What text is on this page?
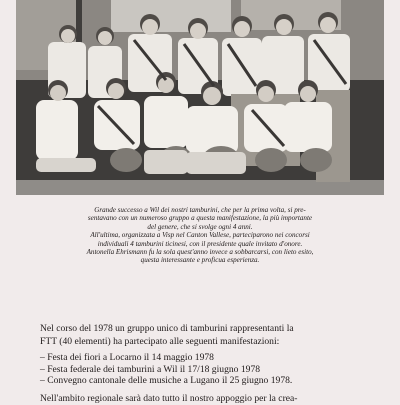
Grande successo a Wil dei nostri tamburini, che per la prima volta, si pre-
sentavano con un numeroso gruppo a questa manifestazione, la più importante
del genere, che si svolge ogni 4 anni.
All'ultima, organizzata a Visp nel Canton Vallese, parteciparono nei concorsi
individuali 4 tamburini ticinesi, con il presidente quale invitato d'onore.
Antonella Ehrismann fu la sola quest'anno invece a sobbarcarsi, con lieto esito,
questa interessante e proficua esperienza.

Nel corso del 1978 un gruppo unico di tamburini rappresentanti la
FTT (40 elementi) ha partecipato alle seguenti manifestazioni:

– Festa dei fiori a Locarno il 14 maggio 1978
– Festa federale dei tamburini a Wil il 17/18 giugno 1978
– Convegno cantonale delle musiche a Lugano il 25 giugno 1978.

Nell'ambito regionale sarà dato tutto il nostro appoggio per la crea-
